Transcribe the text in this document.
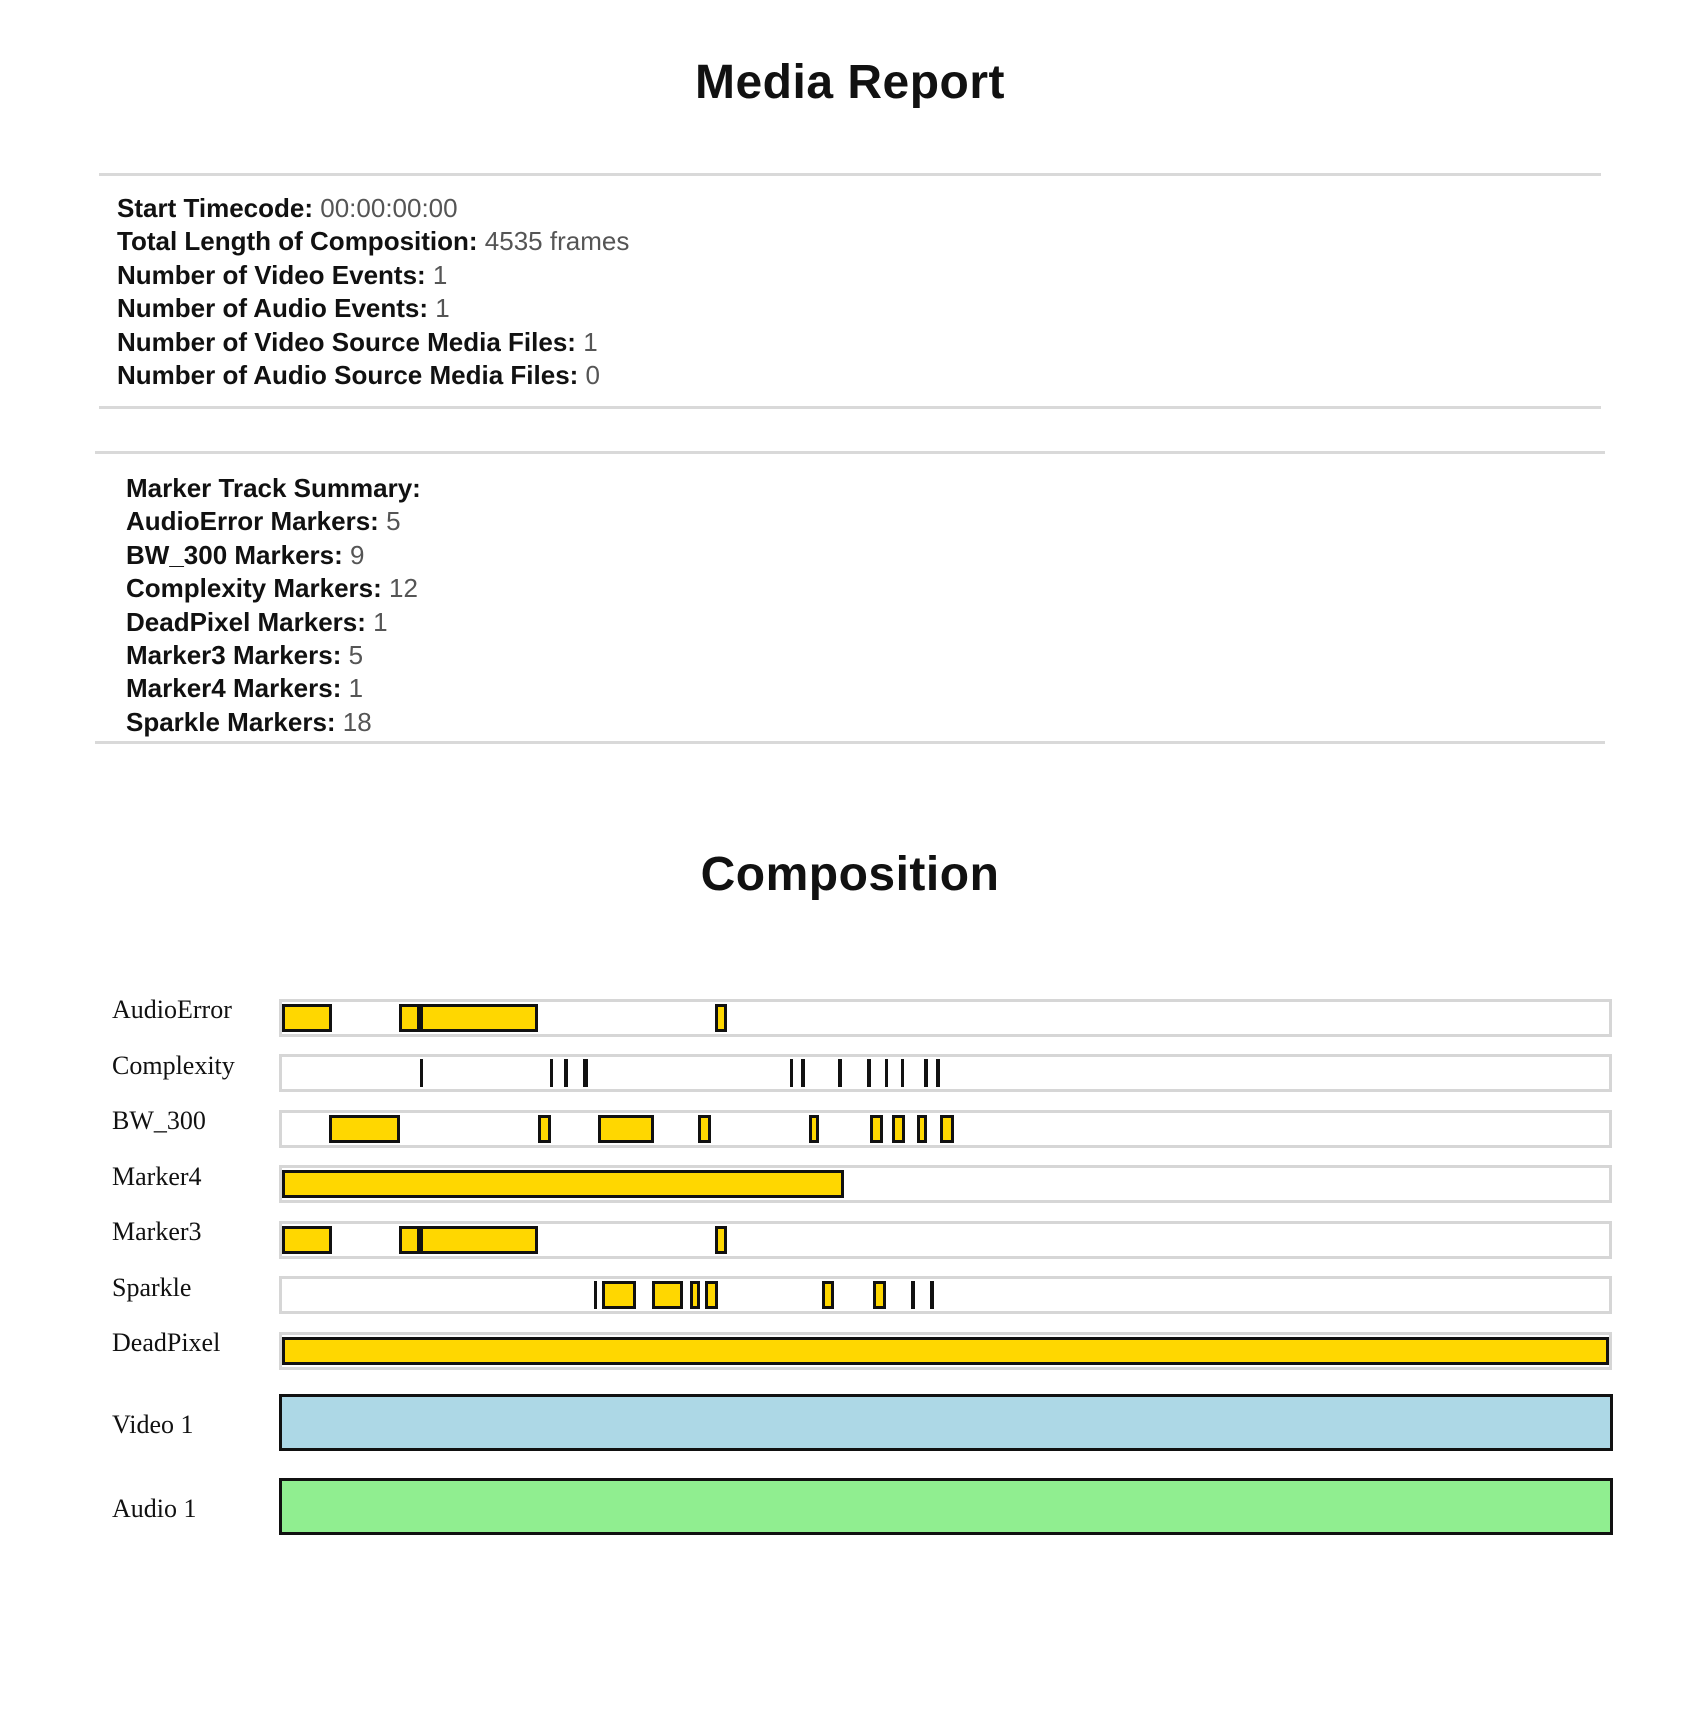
Media Report
Start Timecode: 00:00:00:00
Total Length of Composition: 4535 frames
Number of Video Events: 1
Number of Audio Events: 1
Number of Video Source Media Files: 1
Number of Audio Source Media Files: 0
Marker Track Summary:
AudioError Markers: 5
BW_300 Markers: 9
Complexity Markers: 12
DeadPixel Markers: 1
Marker3 Markers: 5
Marker4 Markers: 1
Sparkle Markers: 18
Composition
AudioError
Complexity
BW_300
Marker4
Marker3
Sparkle
DeadPixel
Video 1
Audio 1
